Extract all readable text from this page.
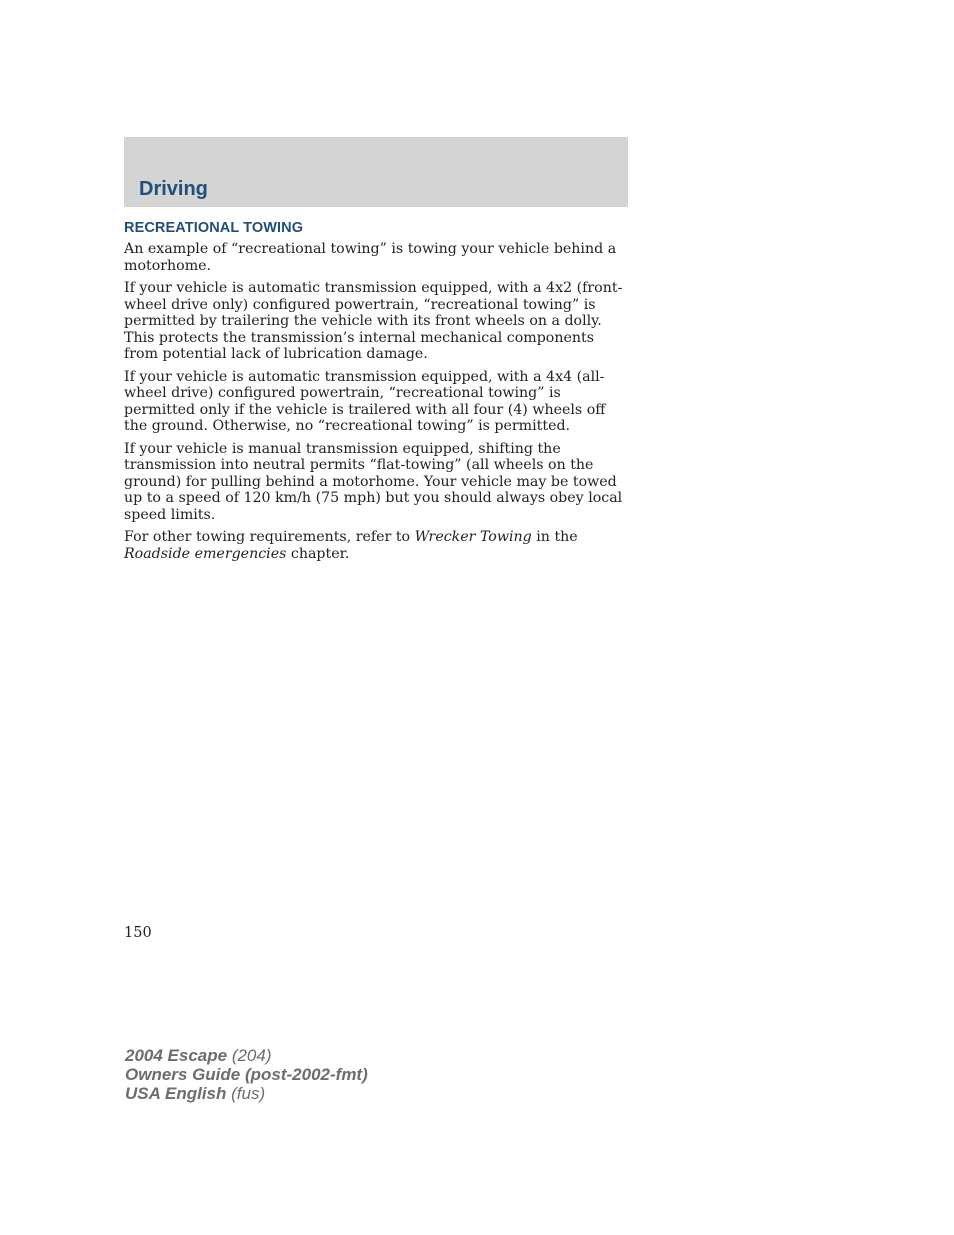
Driving
RECREATIONAL TOWING

An example of “recreational towing” is towing your vehicle behind a motorhome.

If your vehicle is automatic transmission equipped, with a 4x2 (front-wheel drive only) configured powertrain, “recreational towing” is permitted by trailering the vehicle with its front wheels on a dolly. This protects the transmission’s internal mechanical components from potential lack of lubrication damage.

If your vehicle is automatic transmission equipped, with a 4x4 (all-wheel drive) configured powertrain, “recreational towing” is permitted only if the vehicle is trailered with all four (4) wheels off the ground. Otherwise, no “recreational towing” is permitted.

If your vehicle is manual transmission equipped, shifting the transmission into neutral permits “flat-towing” (all wheels on the ground) for pulling behind a motorhome. Your vehicle may be towed up to a speed of 120 km/h (75 mph) but you should always obey local speed limits.

For other towing requirements, refer to Wrecker Towing in the Roadside emergencies chapter.

150
2004 Escape (204)
Owners Guide (post-2002-fmt)
USA English (fus)
